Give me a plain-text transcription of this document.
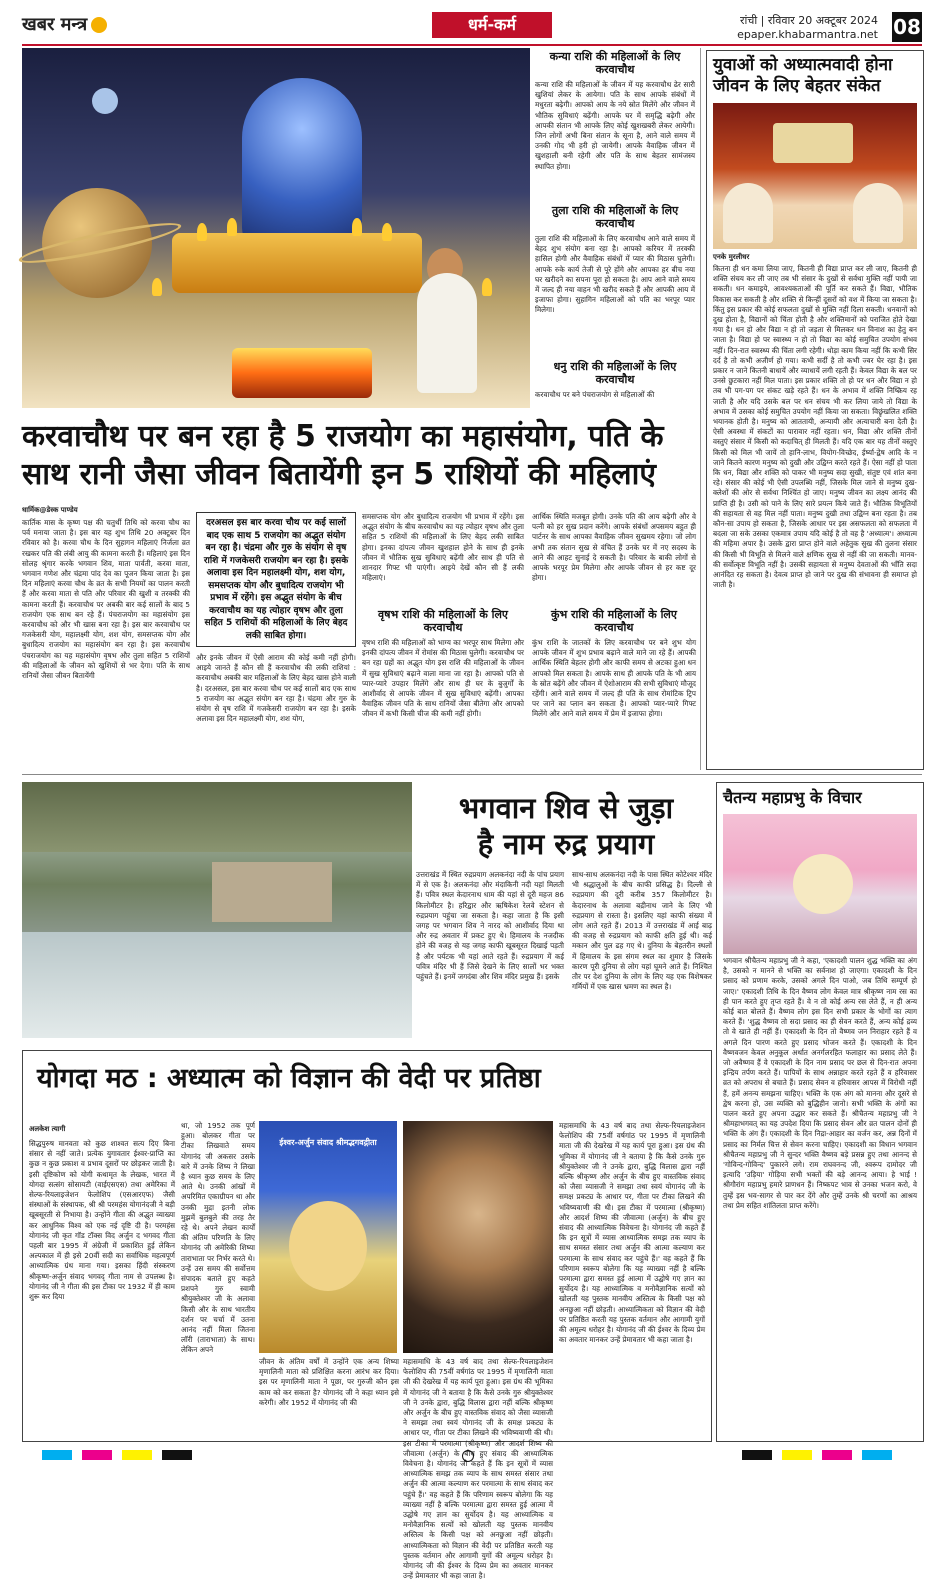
खबर मन्त्र	धर्म-कर्म	रांची | रविवार 20 अक्टूबर 2024
epaper.khabarmantra.net 08
कन्या राशि की महिलाओं के लिए करवाचौथ
कन्या राशि की महिलाओं के जीवन में यह करवाचौथ ढेर सारी खुशियां लेकर के आयेगा। पति के साथ आपके संबंधों में मधुरता बढ़ेगी। आपको आय के नये स्रोत मिलेंगे और जीवन में भौतिक सुविधाएं बढ़ेंगी। आपके घर में समृद्धि बढ़ेगी और आपकी संतान भी आपके लिए कोई खुशखबरी लेकर आयेगी। जिन लोगों अभी बिना संतान के सूना है, आने वाले समय में उनकी गोद भी हरी हो जायेगी। आपके वैवाहिक जीवन में खुशहाली बनी रहेगी और पति के साथ बेहतर सामंजस्य स्थापित होगा।
तुला राशि की महिलाओं के लिए करवाचौथ
तुला राशि की महिलाओं के लिए करवाचौथ आने वाले समय में बेहद शुभ संयोग बना रहा है। आपको करियर में तरक्की हासिल होगी और वैवाहिक संबंधों में प्यार की मिठास घुलेगी। आपके रुके कार्य तेजी से पूरे होंगे और आपका हर बीच नया घर खरीदने का सपना पूरा हो सकता है। आप आने वाले समय में जल्द ही नया वाहन भी खरीद सकते हैं और आपकी आय में इजाफा होगा। सुहागिन महिलाओं को पति का भरपूर प्यार मिलेगा।
धनु राशि की महिलाओं के लिए करवाचौथ
करवाचौथ पर बने पंचराजयोग से महिलाओं की
करवाचौथ पर बन रहा है 5 राजयोग का महासंयोग, पति के साथ रानी जैसा जीवन बितायेंगी इन 5 राशियों की महिलाएं
धार्मिक@डेस्क पाण्डेय
कार्तिक मास के कृष्ण पक्ष की चतुर्थी तिथि को करवा चौथ का पर्व मनाया जाता है। इस बार यह शुभ तिथि 20 अक्टूबर दिन रविवार को है। करवा चौथ के दिन सुहागन महिलाएं निर्जला व्रत रखकर पति की लंबी आयु की कामना करती हैं। महिलाएं इस दिन सोलह श्रृंगार करके भगवान शिव, माता पार्वती, करवा माता, भगवान गणेश और चंद्रमा पांद देव का पूजन किया जाता है। इस दिन महिलाएं करवा चौथ के व्रत के सभी नियमों का पालन करती हैं और करवा माता से पति और परिवार की खुशी व तरक्की की कामना करती हैं। करवाचौथ पर अबकी बार कई सालों के बाद 5 राजयोग एक साथ बन रहे हैं। पंचराजयोग का महासंयोग इस करवाचौथ को और भी खास बना रहा है। इस बार करवाचौथ पर गजकेसरी योग, महालक्ष्मी योग, शश योग, समसप्तक योग और बुधादित्य राजयोग का महासंयोग बन रहा है। इस करवाचौथ पंचराजयोग का यह महासंयोग वृषभ और तुला सहित 5 राशियों की महिलाओं के जीवन को खुशियों से भर देगा। पति के साथ रानियों जैसा जीवन बितायेंगी
दरअसल इस बार करवा चौथ पर कई सालों बाद एक साथ 5 राजयोग का अद्भुत संयोग बन रहा है। चंद्रमा और गुरु के संयोग से वृष राशि में गजकेसरी राजयोग बन रहा है। इसके अलावा इस दिन महालक्ष्मी योग, शश योग, समसप्तक योग और बुधादित्य राजयोग भी प्रभाव में रहेंगे। इस अद्भुत संयोग के बीच करवाचौथ का यह त्योहार वृषभ और तुला सहित 5 राशियों की महिलाओं के लिए बेहद लकी साबित होगा।
और इनके जीवन में ऐसी आराम की कोई कमी नहीं होगी। आइये जानते हैं कौन सी हैं करवाचौथ की लकी राशियां : करवाचौथ अबकी बार महिलाओं के लिए बेहद खास होने वाली है। दरअसल, इस बार करवा चौथ पर कई सालों बाद एक साथ 5 राजयोग का अद्भुत संयोग बन रहा है। चंद्रमा और गुरु के संयोग से वृष राशि में गजकेसरी राजयोग बन रहा है। इसके अलावा इस दिन महालक्ष्मी योग, शश योग,
समसप्तक योग और बुधादित्य राजयोग भी प्रभाव में रहेंगे। इस अद्भुत संयोग के बीच करवाचौथ का यह त्योहार वृषभ और तुला सहित 5 राशियों की महिलाओं के लिए बेहद लकी साबित होगा। इनका दांपत्य जीवन खुशहाल होने के साथ ही इनके जीवन में भौतिक सुख सुविधाएं बढ़ेंगी और साथ ही पति से शानदार गिफ्ट भी पाएंगी। आइये देखें कौन सी हैं लकी महिलाएं।
वृषभ राशि की महिलाओं के लिए करवाचौथ
वृषभ राशि की महिलाओं को भाग्य का भरपूर साथ मिलेगा और इनकी दांपत्य जीवन में रोमांस की मिठास घुलेगी। करवाचौथ पर बन रहा ग्रहों का अद्भुत योग इस राशि की महिलाओं के जीवन में सुख सुविधाएं बढ़ाने वाला माना जा रहा है। आपको पति से प्यार-प्यारे उपहार मिलेंगे और साथ ही घर के बुजुर्गों के आशीर्वाद से आपके जीवन में सुख सुविधाएं बढ़ेंगी। आपका वैवाहिक जीवन पति के साथ रानियों जैसा बीतेगा और आपको जीवन में कभी किसी चीज की कमी नहीं होगी।
आर्थिक स्थिति मजबूत होगी। उनके पति की आय बढ़ेगी और वे पत्नी को हर सुख प्रदान करेंगे। आपके संबंधों अपसमय बहुत ही पार्टनर के साथ आपका वैवाहिक जीवन सुखमय रहेगा। जो लोग अभी तक संतान सुख से वंचित हैं उनके घर में नए सदस्य के आने की आहट सुनाई दे सकती है। परिवार के बाकी लोगों से आपके भरपूर प्रेम मिलेगा और आपके जीवन से हर कष्ट दूर होगा।
कुंभ राशि की महिलाओं के लिए करवाचौथ
कुंभ राशि के जातकों के लिए करवाचौथ पर बने शुभ योग आपके जीवन में शुभ प्रभाव बढ़ाने वाले माने जा रहे हैं। आपकी आर्थिक स्थिति बेहतर होगी और काफी समय से अटका हुआ धन आपको मिल सकता है। आपके साथ ही आपके पति के भी आय के स्रोत बढ़ेंगे और जीवन में ऐशोआराम की सभी सुविधाएं मौजूद रहेंगी। आने वाले समय में जल्द ही पति के साथ रोमांटिक ट्रिप पर जाने का प्लान बन सकता है। आपको प्यार-प्यारे गिफ्ट मिलेंगे और आने वाले समय में प्रेम में इजाफा होगा।
युवाओं को अध्यात्मवादी होना जीवन के लिए बेहतर संकेत
एनके मुरलीधर
कितना ही धन कमा लिया जाए, कितनी ही विद्या प्राप्त कर ली जाए, कितनी ही शक्ति संचय कर ली जाए तब भी संसार के दुखों से सर्वथा मुक्ति नहीं पायी जा सकती। धन कमाइये, आवश्यकताओं की पूर्ति कर सकते हैं। विद्या, भौतिक विकास कर सकती है और शक्ति से किन्हीं दूसरों को वश में किया जा सकता है। किंतु इस प्रकार की कोई सफलता दुखों से मुक्ति नहीं दिला सकती। धनवानों को दुख होता है, विद्यानों को चिंता होती है और शक्तिमानों को पराजित होते देखा गया है। धन हो और विद्या न हो तो जड़ता से मिलकर धन विनाश का हेतु बन जाता है। विद्या हो पर स्वास्थ्य न हो तो विद्या का कोई समुचित उपयोग संभव नहीं। दिन-रात स्वास्थ्य की चिंता लगी रहेगी। थोड़ा काम किया नहीं कि कभी सिर दर्द है तो कभी अजीर्ण हो गया। कभी सर्दी है तो कभी ज्वर घेर रहा है। इस प्रकार न जाने कितनी बाधायें और व्याधायें लगी रहती हैं। केवल विद्या के बल पर उनसे छुटकारा नहीं मिल पाता। इस प्रकार शक्ति तो हो पर धन और विद्या न हो तब भी पग-पग पर संकट खड़े रहते हैं। धन के अभाव में शक्ति निष्क्रिय रह जाती है और यदि उसके बल पर धन संचय भी कर लिया जाये तो विद्या के अभाव में उसका कोई समुचित उपयोग नहीं किया जा सकता। विछ्रृंखलित शक्ति भयानक होती है। मनुष्य को आततायी, अन्यायी और अत्याचारी बना देती है। ऐसी अवस्था में संकटों का पारावार नहीं रहता। धन, विद्या और शक्ति तीनों वस्तुएं संसार में किसी को कदाचित् ही मिलती हैं। यदि एक बार यह तीनों वस्तुएं किसी को मिल भी जायें तो हानि-लाभ, वियोग-विच्छेद, ईर्ष्या-द्वेष आदि के न जाने कितने कारण मनुष्य को दुखी और उद्विग्न करते रहते हैं। ऐसा नहीं हो पाता कि धन, विद्या और शक्ति को पाकर भी मनुष्य सदा सुखी, संतुष्ट एवं शांत बना रहे। संसार की कोई भी ऐसी उपलब्धि नहीं, जिसके मिल जाने से मनुष्य दुख-क्लेशों की ओर से सर्वथा निश्चिंत हो जाए। मनुष्य जीवन का लक्ष्य आनंद की प्राप्ति ही है। उसी को पाने के लिए सारे प्रयत्न किये जाते हैं। भौतिक विभूतियों की सहायता से वह मिल नहीं पाता। मनुष्य दुखी तथा उद्विग्न बना रहता है। तब कौन-सा उपाय हो सकता है, जिसके आधार पर इस असफलता को सफलता में बदला जा सके उसका एकमात्र उपाय यदि कोई है तो वह है 'अध्यात्म'। अध्यात्म की महिमा अपार है। उसके द्वारा प्राप्त होने वाले अहेतुक सुख की तुलना संसार की किसी भी विभूति से मिलने वाले क्षणिक सुख से नहीं की जा सकती। मानव-की सर्वोत्कृष्ट विभूति नहीं है। उसकी सहायता से मनुष्य देवताओं की भाँति सदा आनंदित रह सकता है। देवत्व प्राप्त हो जाने पर दुख की संभावना ही समाप्त हो जाती है।
भगवान शिव से जुड़ा
है नाम रुद्र प्रयाग
उत्तराखंड में स्थित रुद्रप्रयाग अलकनंदा नदी के पांच प्रयाग में से एक है। अलकनंदा और मंदाकिनी नदी यहां मिलती हैं। पवित्र स्थल केदारनाथ धाम की यहां से दूरी महज 86 किलोमीटर है। हरिद्वार और ऋषिकेश रेलवे स्टेशन से रुद्रप्रयाग पहुंचा जा सकता है। कहा जाता है कि इसी जगह पर भगवान शिव ने नारद को आशीर्वाद दिया था और रुद्र अवतार में प्रकट हुए थे। हिमालय के नजदीक होने की वजह से यह जगह काफी खूबसूरत दिखाई पड़ती है और पर्यटक भी यहां आते रहते हैं। रुद्रप्रयाग में कई पवित्र मंदिर भी हैं जिसे देखने के लिए सालों भर भक्त पहुंचते हैं। इनमें जगदंबा और शिव मंदिर प्रमुख हैं। इसके
साथ-साथ अलकनंदा नदी के पास स्थित कोटेश्वर मंदिर भी श्रद्धालुओं के बीच काफी प्रसिद्ध है। दिल्ली से रुद्रप्रयाग की दूरी करीब 357 किलोमीटर है। केदारनाथ के अलावा बद्रीनाथ जाने के लिए भी रुद्रप्रयाग से रास्ता है। इसलिए यहां काफी संख्या में लोग आते रहते हैं। 2013 में उत्तराखंड में आई बाढ़ की वजह से रुद्रप्रयाग को काफी क्षति हुई थी। कई मकान और पुल ढह गए थे। दुनिया के बेहतरीन स्थलों में हिमालय के इस संगम स्थल का शुमार है जिसके कारण पूरी दुनिया से लोग यहां घूमने आते हैं। निश्चित तौर पर देश दुनिया के लोग के लिए यह एक विशेषकर गर्मियों में एक खास भ्रमण का स्थल है।
चैतन्य महाप्रभु के विचार
भगवान श्रीचैतन्य महाप्रभु जी ने कहा, 'एकादशी पालन शुद्ध भक्ति का अंग है, उसको न मानने से भक्ति का सर्वनाश हो जाएगा। एकादशी के दिन प्रसाद को प्रणाम करके, उसको अगले दिन पाओ, जब तिथि सम्पूर्ण हो जाए।' एकादशी तिथि के दिन वैष्णव लोग केवल मात्र श्रीकृष्ण नाम रस का ही पान करते हुए तृप्त रहते हैं। वे न तो कोई अन्य रस लेते हैं, न ही अन्य कोई बात बोलते हैं। वैष्णव लोग इस दिन सभी प्रकार के भोगों का त्याग करते हैं। 'शुद्ध वैष्णव तो सदा प्रसाद का ही सेवन करते हैं, अन्य कोई द्रव्य तो वे खाते ही नहीं हैं। एकादशी के दिन तो वैष्णव जन निराहार रहते हैं व अगले दिन पारण करते हुए प्रसाद भोजन करते हैं। एकादशी के दिन वैष्णवजन केवल अनुकूल अर्थात अनर्गलरहित फलाहार का प्रसाद लेते हैं। जो अवैष्णव हैं वे एकादशी के दिन नाम प्रसाद पर छल से दिन-रात अपना इन्द्रिय तर्पण करते हैं। पापियों के साथ अन्नाहार करते रहते हैं व हरिवासर व्रत को अपराध से बचाते हैं। प्रसाद सेवन व हरिवासर आपस में विरोधी नहीं हैं, हमें अनन्य समझना चाहिए। भक्ति के एक अंग को मानना और दूसरे से द्वेष करना हो, उस व्यक्ति को बुद्धिहीन जानो। सभी भक्ति के अंगों का पालन करते हुए अपना उद्धार कर सकते हैं। श्रीचैतन्य महाप्रभु जी ने श्रीमहाभगवत् का यह उपदेश दिया कि प्रसाद सेवन और व्रत पालन दोनों ही भक्ति के अंग हैं। एकादशी के दिन निद्रा-आहार का वर्जन कर, अन्न दिनों में प्रसाद का निर्मल चित्त से सेवन करना चाहिए। एकादशी का विधान भगवान श्रीचैतन्य महाप्रभु जी ने सुन्दर भक्ति वैष्णव बड़े प्रसन्न हुए तथा आनन्द से 'गोविन्द-गोविन्द' पुकारने लगे। राम राघवनन्द जी, श्वरूप दामोदर जी इत्यादि 'उड़िया' गोड़िया सभी भक्तों की बड़े आनन्द आया। हे भाई ! श्रीगौरांग महाप्रभु हमारे प्राणधन हैं। निष्कपट भाव से उनका भजन करो, वे तुम्हें इस भव-सागर से पार कर देंगे और तुम्हें उनके श्री चरणों का आश्रय तथा प्रेम सहित शांतिलता प्राप्त करेंगे।
योगदा मठ : अध्यात्म को विज्ञान की वेदी पर प्रतिष्ठा
अलकेश त्यागी
सिद्धपुरुष मानवता को कुछ शाश्वत सत्य दिए बिना संसार से नहीं जाते। प्रत्येक युगावतार ईश्वर-प्राप्ति का कुछ न कुछ प्रकाश व प्रभाव दूसरों पर छोड़कर जाती है। इसी दृष्टिकोण को योगी कथामृत के लेखक, भारत में योगदा सत्संग सोसायटी (वाईएसएस) तथा अमेरिका में सेल्फ-रियलाइजेशन फेलोशिप (एसआरएफ) जैसी संस्थाओं के संस्थापक, श्री श्री परमहंस योगानंदजी ने बड़ी खूबसूरती से निभाया है। उन्होंने गीता की अद्भुत व्याख्या कर आधुनिक विश्व को एक नई दृष्टि दी है। परमहंस योगानंद जी कृत गॉड टॉक्स विद अर्जुन द भगवद गीता पहली बार 1995 में अंग्रेजी में प्रकाशित हुई लेकिन अल्पकाल में ही इसे 20वीं सदी का सर्वाधिक महत्वपूर्ण आध्यात्मिक ग्रंथ माना गया। इसका हिंदी संस्करण श्रीकृष्ण-अर्जुन संवाद भगवद् गीता नाम से उपलब्ध है। योगानंद जी ने गीता की इस टीका पर 1932 में ही काम शुरू कर दिया
था, जो 1952 तक पूर्ण हुआ। बोलकर गीता पर टीका लिखवाते समय योगानंद जी अकसर उसके बारे में उनके शिष्य ने लिखा है ध्यान कुछ समय के लिए आते थे। उनकी आंखों में अपरिमित एकाग्रीपन था और उनकी मुद्रा इतनी लोक मुझमें बुलबुले की तरह तैर रहे थे। अपने लेखन कार्यों की अंतिम परिणति के लिए योगानंद जी अमेरिकी शिष्या ताराभाता पर निर्भर करते थे। उन्हें उस समय की सर्वोत्तम संपादक बताते हुए कहते प्रशपने गुरु स्वामी श्रीयुक्तेश्वर जी के अलावा किसी और के साथ भारतीय दर्शन पर चर्चा में उतना आनंद नहीं मिला जितना लॉरी (ताराभाता) के साथ। लेकिन अपने
ईश्वर-अर्जुन संवाद श्रीमद्भगवद्गीता
जीवन के अंतिम वर्षों में उन्होंने एक अन्य शिष्या मृणालिनी माता को प्रशिक्षित करना आरंभ कर दिया। इस पर मृणालिनी माता ने पूछा, पर गुरुजी कौन इस काम को कर सकता है? योगानंद जी ने कहा ध्यान इसे करेगी। और 1952 में योगानंद जी की
महासमाधि के 43 वर्ष बाद तथा सेल्फ-रियलाइजेशन फेलोशिप की 75वीं वर्षगांठ पर 1995 में मृणालिनी माता जी की देखरेख में यह कार्य पूरा हुआ। इस ग्रंथ की भूमिका में योगानंद जी ने बताया है कि कैसे उनके गुरु श्रीयुक्तेश्वर जी ने उनके द्वारा, बुद्धि विलास द्वारा नहीं बल्कि श्रीकृष्ण और अर्जुन के बीच हुए वास्तविक संवाद को जैसा व्यासजी ने समझा तथा स्वयं योगानंद जी के समक्ष प्रकट्य के आधार पर, गीता पर टीका लिखने की भविष्यवाणी की थी। इस टीका में परमात्मा (श्रीकृष्ण) और आदर्श शिष्य की जीवात्मा (अर्जुन) के बीच हुए संवाद की आध्यात्मिक विवेचना है। योगानंद जी कहते हैं कि इन सूत्रों में व्यास आध्यात्मिक समझ तक व्याप के साथ समस्त संसार तथा अर्जुन की आत्मा कल्याण कर परमात्मा के साथ संवाद कर पहुंचे हैं।' वह कहते हैं कि परिणाम स्वरूप बोलेगा कि यह व्याख्या नहीं है बल्कि परमात्मा द्वारा समस्त हुई आत्मा में उद्घोषे गए ज्ञान का सुर्योदय है। यह आध्यात्मिक व मनोवैज्ञानिक सत्यों को खोलती यह पुस्तक मानवीय अस्तित्व के किसी पक्ष को अनछुआ नहीं छोड़ती। आध्यात्मिकता को विज्ञान की वेदी पर प्रतिष्ठित करती यह पुस्तक वर्तमान और आगामी युगों की अमूल्य धरोहर है। योगानंद जी की ईश्वर के दिव्य प्रेम का अवतार मानकर उन्हें प्रेमावतार भी कहा जाता है।
महासमाधि के 43 वर्ष बाद तथा सेल्फ-रियलाइजेशन फेलोशिप की 75वीं वर्षगांठ पर 1995 में मृणालिनी माता जी की देखरेख में यह कार्य पूरा हुआ। इस ग्रंथ की भूमिका में योगानंद जी ने बताया है कि कैसे उनके गुरु श्रीयुक्तेश्वर जी ने उनके द्वारा, बुद्धि विलास द्वारा नहीं बल्कि श्रीकृष्ण और अर्जुन के बीच हुए वास्तविक संवाद को जैसा व्यासजी ने समझा तथा स्वयं योगानंद जी के समक्ष प्रकट्य के आधार पर, गीता पर टीका लिखने की भविष्यवाणी की थी। इस टीका में परमात्मा (श्रीकृष्ण) और आदर्श शिष्य की जीवात्मा (अर्जुन) के बीच हुए संवाद की आध्यात्मिक विवेचना है। योगानंद जी कहते हैं कि इन सूत्रों में व्यास आध्यात्मिक समझ तक व्याप के साथ समस्त संसार तथा अर्जुन की आत्मा कल्याण कर परमात्मा के साथ संवाद कर पहुंचे हैं।' वह कहते हैं कि परिणाम स्वरूप बोलेगा कि यह व्याख्या नहीं है बल्कि परमात्मा द्वारा समस्त हुई आत्मा में उद्घोषे गए ज्ञान का सुर्योदय है। यह आध्यात्मिक व मनोवैज्ञानिक सत्यों को खोलती यह पुस्तक मानवीय अस्तित्व के किसी पक्ष को अनछुआ नहीं छोड़ती। आध्यात्मिकता को विज्ञान की वेदी पर प्रतिष्ठित करती यह पुस्तक वर्तमान और आगामी युगों की अमूल्य धरोहर है। योगानंद जी की ईश्वर के दिव्य प्रेम का अवतार मानकर उन्हें प्रेमावतार भी कहा जाता है।
